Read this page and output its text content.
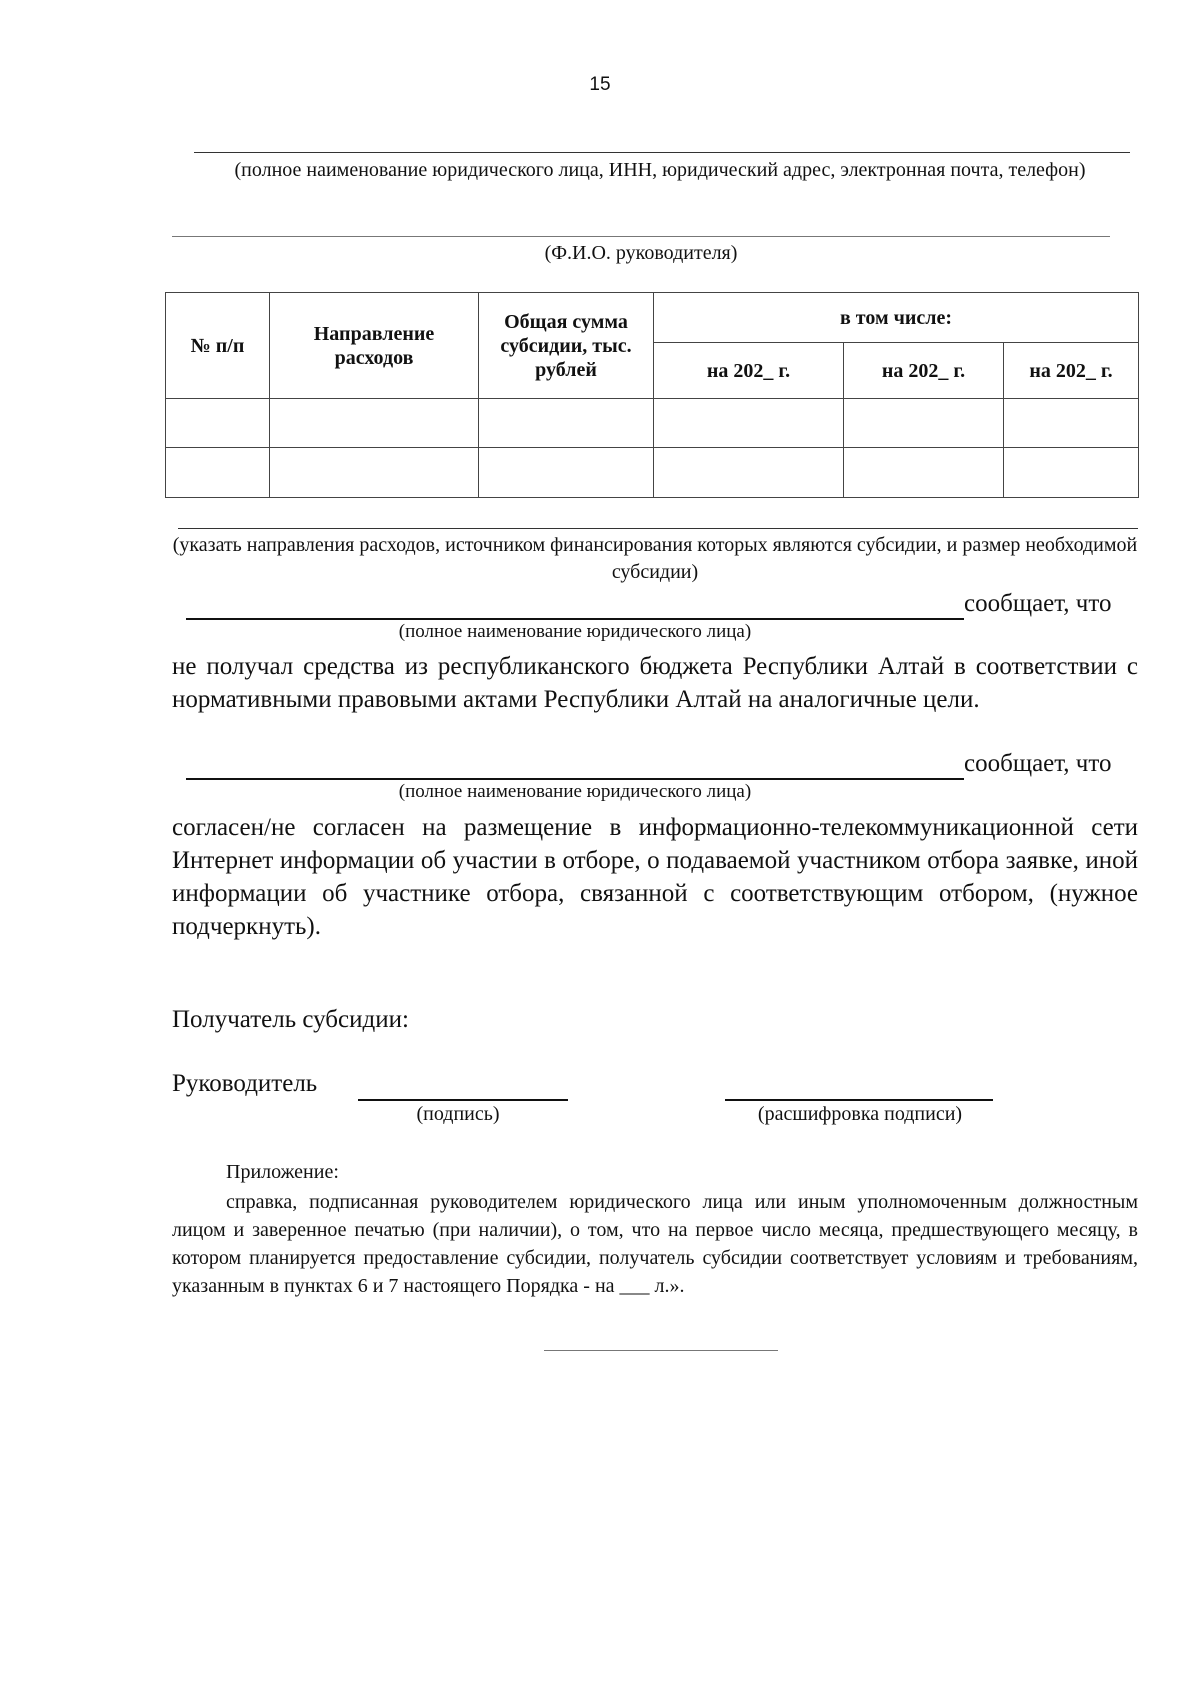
15
(полное наименование юридического лица, ИНН, юридический адрес, электронная почта, телефон)
(Ф.И.О. руководителя)
№ п/п	Направление расходов	Общая сумма субсидии, тыс. рублей	в том числе:		
			на 202_ г.	на 202_ г.	на 202_ г.

(указать направления расходов, источником финансирования которых являются субсидии, и размер необходимой субсидии)
сообщает, что
(полное наименование юридического лица)
не получал средства из республиканского бюджета Республики Алтай в соответствии с нормативными правовыми актами Республики Алтай на аналогичные цели.
сообщает, что
(полное наименование юридического лица)
согласен/не согласен на размещение в информационно-телекоммуникационной сети Интернет информации об участии в отборе, о подаваемой участником отбора заявке, иной информации об участнике отбора, связанной с соответствующим отбором, (нужное подчеркнуть).
Получатель субсидии:
Руководитель
(подпись)	(расшифровка подписи)
Приложение:
справка, подписанная руководителем юридического лица или иным уполномоченным должностным лицом и заверенное печатью (при наличии), о том, что на первое число месяца, предшествующего месяцу, в котором планируется предоставление субсидии, получатель субсидии соответствует условиям и требованиям, указанным в пунктах 6 и 7 настоящего Порядка - на ___ л.».
